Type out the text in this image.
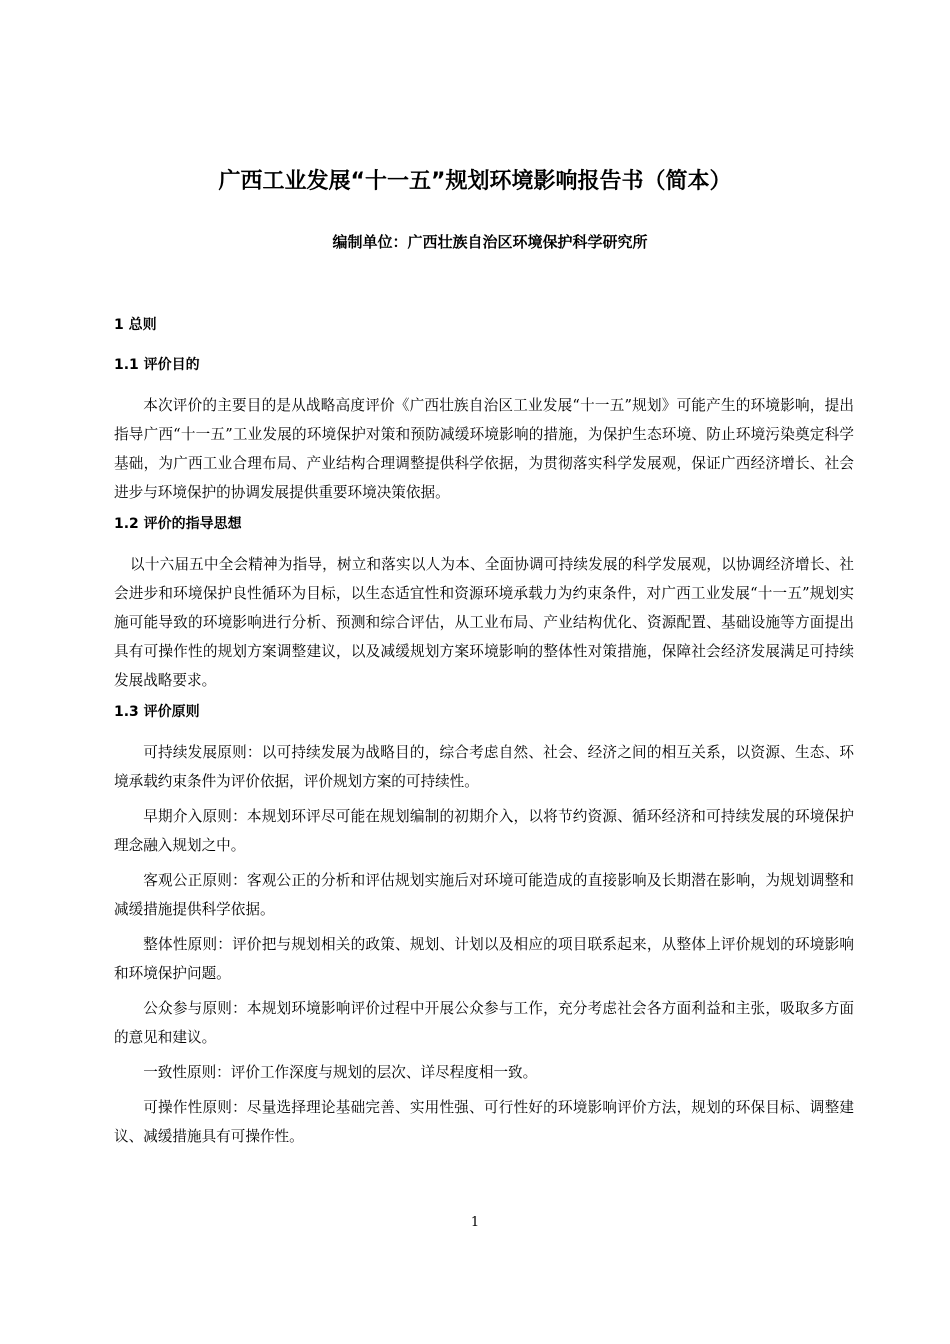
广西工业发展“十一五”规划环境影响报告书（简本）
编制单位：广西壮族自治区环境保护科学研究所
1 总则
1.1 评价目的

本次评价的主要目的是从战略高度评价《广西壮族自治区工业发展“十一五”规划》可能产生的环境影响，提出指导广西“十一五”工业发展的环境保护对策和预防减缓环境影响的措施，为保护生态环境、防止环境污染奠定科学基础，为广西工业合理布局、产业结构合理调整提供科学依据，为贯彻落实科学发展观，保证广西经济增长、社会进步与环境保护的协调发展提供重要环境决策依据。

1.2 评价的指导思想

以十六届五中全会精神为指导，树立和落实以人为本、全面协调可持续发展的科学发展观，以协调经济增长、社会进步和环境保护良性循环为目标，以生态适宜性和资源环境承载力为约束条件，对广西工业发展“十一五”规划实施可能导致的环境影响进行分析、预测和综合评估，从工业布局、产业结构优化、资源配置、基础设施等方面提出具有可操作性的规划方案调整建议，以及减缓规划方案环境影响的整体性对策措施，保障社会经济发展满足可持续发展战略要求。

1.3 评价原则

可持续发展原则：以可持续发展为战略目的，综合考虑自然、社会、经济之间的相互关系，以资源、生态、环境承载约束条件为评价依据，评价规划方案的可持续性。

早期介入原则：本规划环评尽可能在规划编制的初期介入，以将节约资源、循环经济和可持续发展的环境保护理念融入规划之中。

客观公正原则：客观公正的分析和评估规划实施后对环境可能造成的直接影响及长期潜在影响，为规划调整和减缓措施提供科学依据。

整体性原则：评价把与规划相关的政策、规划、计划以及相应的项目联系起来，从整体上评价规划的环境影响和环境保护问题。

公众参与原则：本规划环境影响评价过程中开展公众参与工作，充分考虑社会各方面利益和主张，吸取多方面的意见和建议。

一致性原则：评价工作深度与规划的层次、详尽程度相一致。

可操作性原则：尽量选择理论基础完善、实用性强、可行性好的环境影响评价方法，规划的环保目标、调整建议、减缓措施具有可操作性。

1
